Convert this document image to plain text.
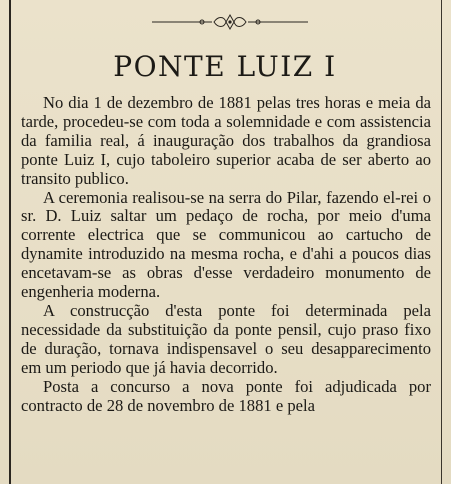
PONTE LUIZ I

No dia 1 de dezembro de 1881 pelas tres horas e meia da tarde, procedeu-se com toda a solemnidade e com assistencia da familia real, á inauguração dos trabalhos da grandiosa ponte Luiz I, cujo taboleiro superior acaba de ser aberto ao transito publico.

A ceremonia realisou-se na serra do Pilar, fazendo el-rei o sr. D. Luiz saltar um pedaço de rocha, por meio d'uma corrente electrica que se communicou ao cartucho de dynamite introduzido na mesma rocha, e d'ahi a poucos dias encetavam-se as obras d'esse verdadeiro monumento de engenheria moderna.

A construcção d'esta ponte foi determinada pela necessidade da substituição da ponte pensil, cujo praso fixo de duração, tornava indispensavel o seu desapparecimento em um periodo que já havia decorrido.

Posta a concurso a nova ponte foi adjudicada por contracto de 28 de novembro de 1881 e pela
